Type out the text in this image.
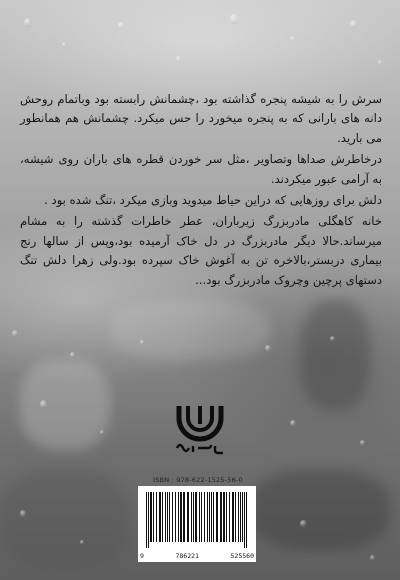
سرش را به شیشه پنجره گذاشته بود ،چشمانش رابسته بود وباتمام روحش دانه های بارانی که به پنجره میخورد را حس میکرد. چشمانش هم همانطور می بارید.

درخاطرش صداها وتصاویر ،مثل سر خوردن قطره های باران روی شیشه، به آرامی عبور میکردند.

دلش برای روزهایی که دراین حیاط میدوید وبازی میکرد ،تنگ شده بود .

خانه کاهگلی مادربزرگ زیرباران، عطر خاطرات گذشته را به مشام میرساند.حالا دیگر مادربزرگ در دل خاک آرمیده بود،وپس از سالها رنج بیماری دربستر،بالاخره تن به آغوش خاک سپرده بود.ولی زهرا دلش تنگ دستهای پرچین وچروک مادربزرگ بود...

ISBN : 978-622-1525-56-0
9	786221	525560
